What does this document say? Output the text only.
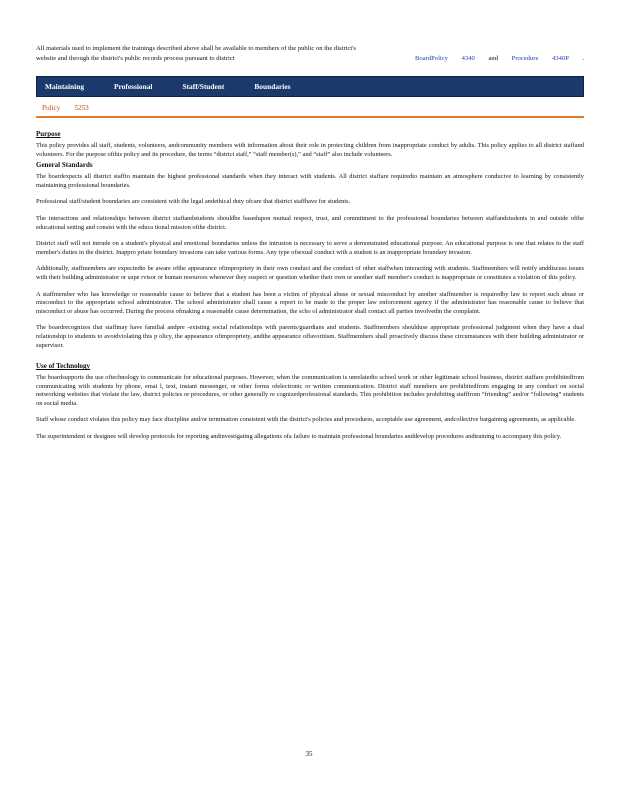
All materials used to implement the trainings described above shall be available to members of the public on the district's
website and through the district's public records process pursuant to district	BoardPolicy 4340 and Procedure 4340P .
Maintaining	Professional	Staff/Student	Boundaries
Policy 5253
Purpose

This policy provides all staff, students, volunteers, andcommunity members with information about their role in protecting children from inappropriate conduct by adults. This policy applies to all district staffand volunteers. For the purpose ofthis policy and its procedure, the terms “district staff,” “staff member(s),” and “staff” also include volunteers.

General Standards

The boardexpects all district staffto maintain the highest professional standards when they interact with students. All district staffare requiredto maintain an atmosphere conducive to learning by consistently maintaining professional boundaries.

Professional staff/student boundaries are consistent with the legal andethical duty ofcare that district staffhave for students.

The interactions and relationships between district staffandstudents shouldbe basedupon mutual respect, trust, and commitment to the professional boundaries between staffandstudents in and outside ofthe educational setting and consist with the educa tional mission ofthe district.

District staff will not intrude on a student's physical and emotional boundaries unless the intrusion is necessary to serve a demonstrated educational purpose. An educational purpose is one that relates to the staff member's duties in the district. Inappro priate boundary invasions can take various forms. Any type ofsexual conduct with a student is an inappropriate boundary invasion.

Additionally, staffmembers are expectedto be aware ofthe appearance ofimpropriety in their own conduct and the conduct of other staffwhen interacting with students. Staffmembers will notify anddiscuss issues with their building administrator or supe rvisor or human resources whenever they suspect or question whether their own or another staff member's conduct is inappropriate or constitutes a violation of this policy.

A staffmember who has knowledge or reasonable cause to believe that a student has been a victim of physical abuse or sexual misconduct by another staffmember is requiredby law to report such abuse or misconduct to the appropriate school administrator. The school administrator shall cause a report to be made to the proper law enforcement agency if the administrator has reasonable cause to believe that misconduct or abuse has occurred. During the process ofmaking a reasonable cause determination, the scho ol administrator shall contact all parties involvedin the complaint.

The boardrecognizes that staffmay have familial andpre -existing social relationships with parents/guardians and students. Staffmembers shoulduse appropriate professional judgment when they have a dual relationship to students to avoidviolating this p olicy, the appearance ofimpropriety, andthe appearance offavoritism. Staffmembers shall proactively discuss these circumstances with their building administrator or supervisor.

Use of Technology

The boardsupports the use oftechnology to communicate for educational purposes. However, when the communication is unrelatedto school work or other legitimate school business, district staffare prohibitedfrom communicating with students by phone, emai l, text, instant messenger, or other forms ofelectronic or written communication. District staff members are prohibitedfrom engaging in any conduct on social networking websites that violate the law, district policies or procedures, or other generally re cognizedprofessional standards. This prohibition includes prohibiting stafffrom “friending” and/or “following” students on social media.

Staff whose conduct violates this policy may face discipline and/or termination consistent with the district's policies and procedures, acceptable use agreement, andcollective bargaining agreements, as applicable.

The superintendent or designee will develop protocols for reporting andinvestigating allegations ofa failure to maintain professional boundaries anddevelop procedures andtraining to accompany this policy.

35
